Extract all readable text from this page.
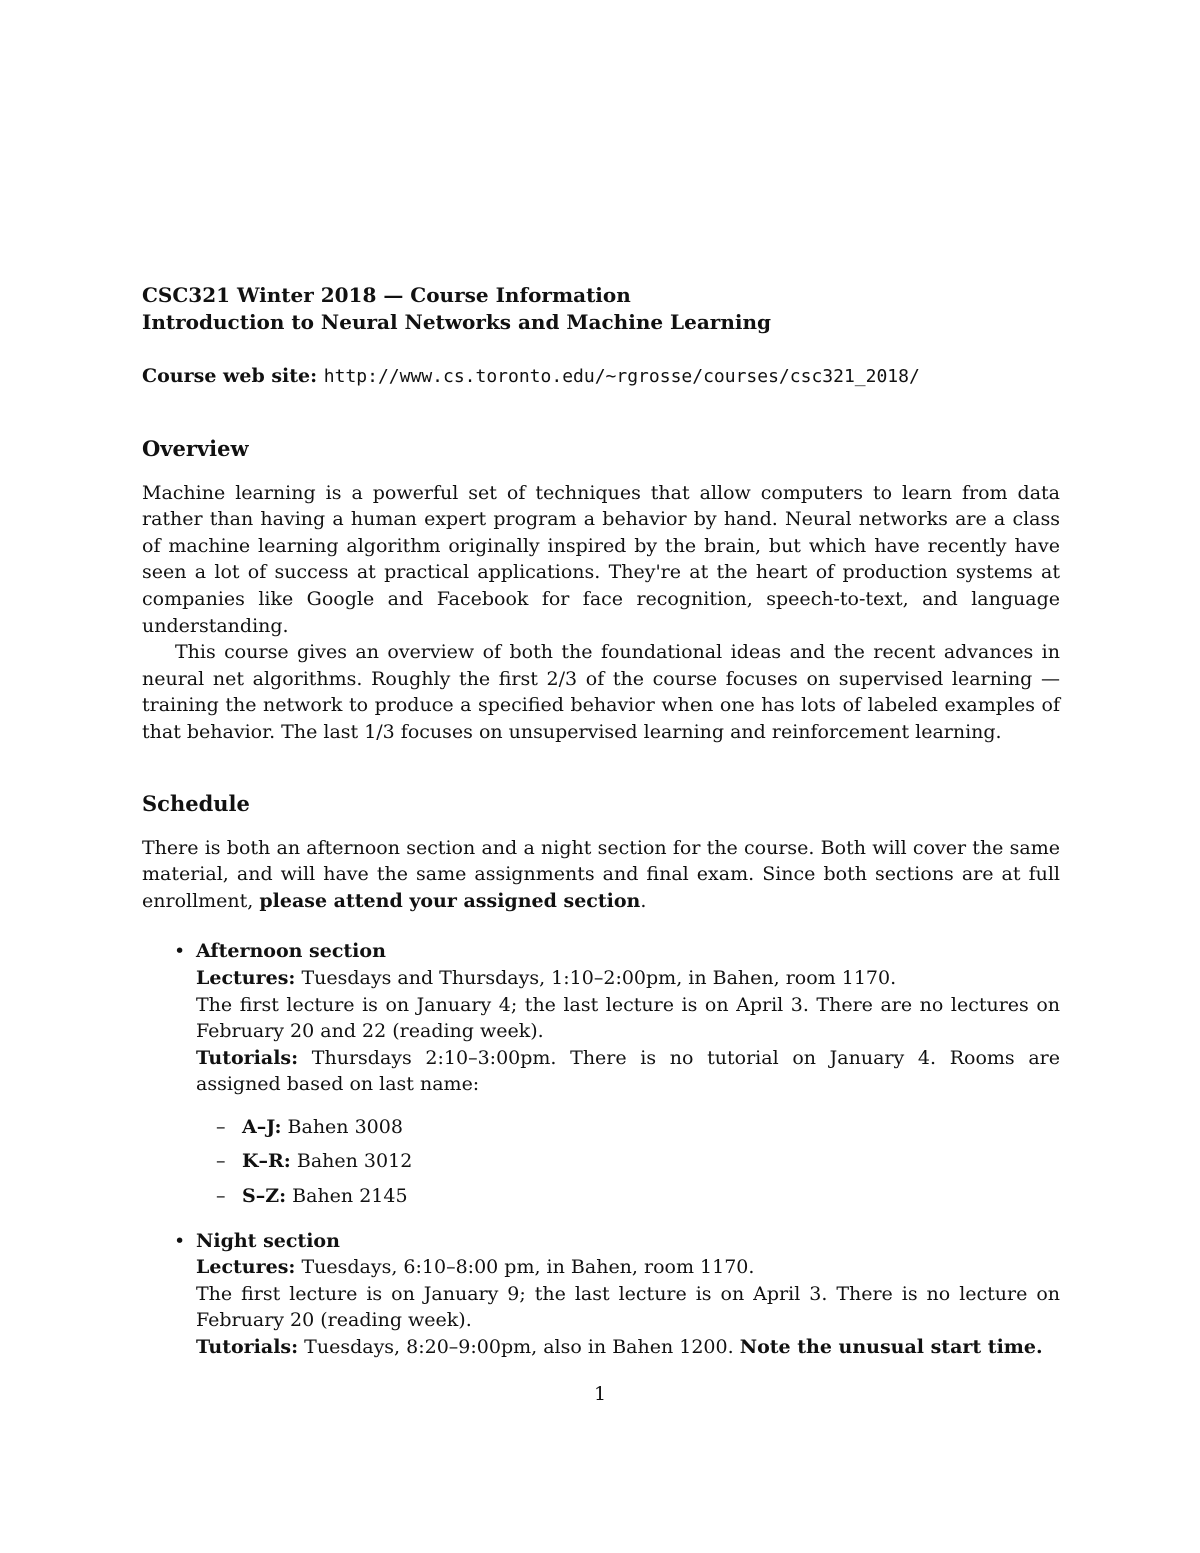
CSC321 Winter 2018 — Course Information
Introduction to Neural Networks and Machine Learning
Course web site: http://www.cs.toronto.edu/~rgrosse/courses/csc321_2018/
Overview

Machine learning is a powerful set of techniques that allow computers to learn from data rather than having a human expert program a behavior by hand. Neural networks are a class of machine learning algorithm originally inspired by the brain, but which have recently have seen a lot of success at practical applications. They're at the heart of production systems at companies like Google and Facebook for face recognition, speech-to-text, and language understanding.

This course gives an overview of both the foundational ideas and the recent advances in neural net algorithms. Roughly the first 2/3 of the course focuses on supervised learning — training the network to produce a specified behavior when one has lots of labeled examples of that behavior. The last 1/3 focuses on unsupervised learning and reinforcement learning.

Schedule

There is both an afternoon section and a night section for the course. Both will cover the same material, and will have the same assignments and final exam. Since both sections are at full enrollment, please attend your assigned section.

• Afternoon section
Lectures: Tuesdays and Thursdays, 1:10–2:00pm, in Bahen, room 1170.

The first lecture is on January 4; the last lecture is on April 3. There are no lectures on February 20 and 22 (reading week).

Tutorials: Thursdays 2:10–3:00pm. There is no tutorial on January 4. Rooms are assigned based on last name:

– A–J: Bahen 3008
– K–R: Bahen 3012
– S–Z: Bahen 2145
• Night section
Lectures: Tuesdays, 6:10–8:00 pm, in Bahen, room 1170.

The first lecture is on January 9; the last lecture is on April 3. There is no lecture on February 20 (reading week).

Tutorials: Tuesdays, 8:20–9:00pm, also in Bahen 1200. Note the unusual start time.

1
